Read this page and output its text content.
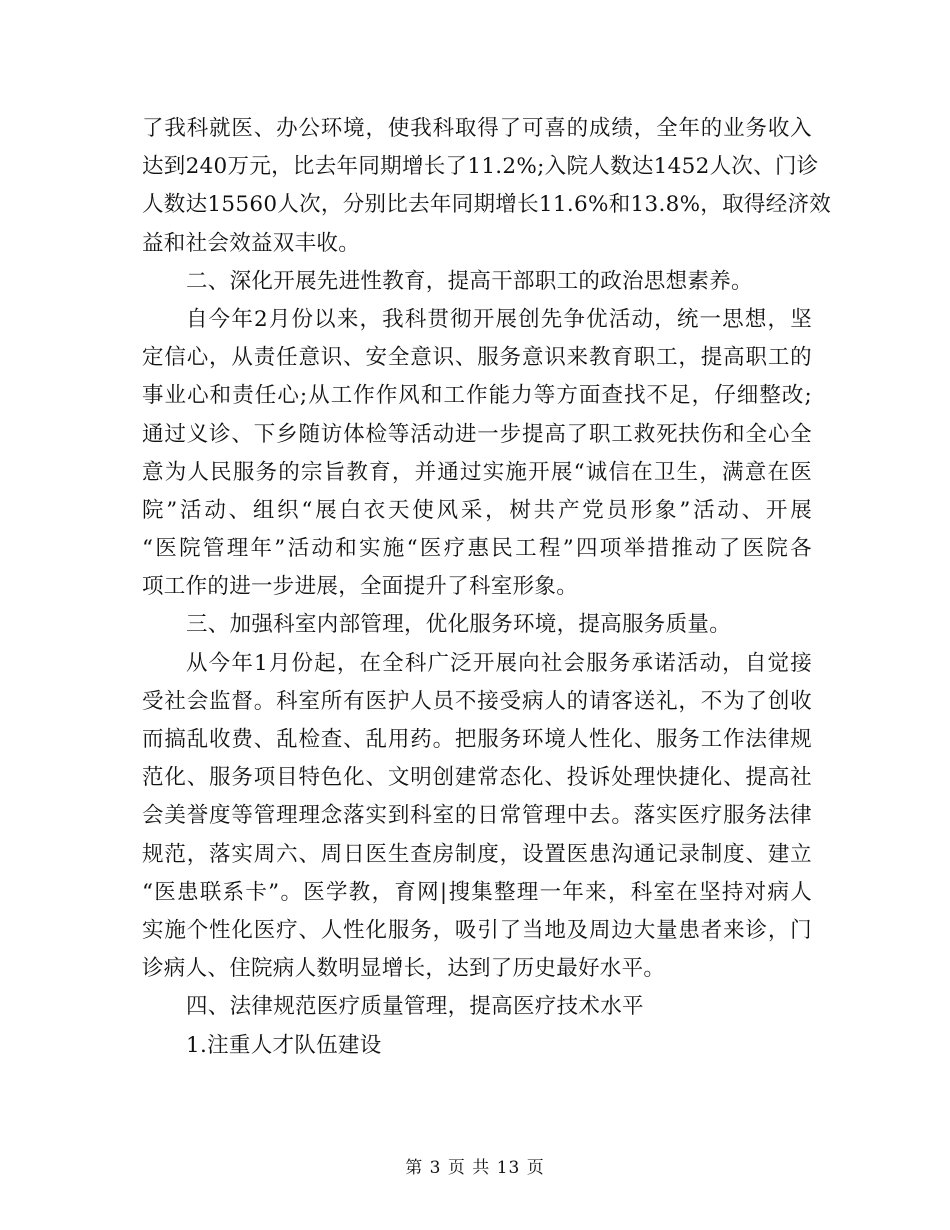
了我科就医、办公环境，使我科取得了可喜的成绩，全年的业务收入
达到240万元，比去年同期增长了11.2%;入院人数达1452人次、门诊
人数达15560人次，分别比去年同期增长11.6%和13.8%，取得经济效
益和社会效益双丰收。
二、深化开展先进性教育，提高干部职工的政治思想素养。
自今年2月份以来，我科贯彻开展创先争优活动，统一思想，坚
定信心，从责任意识、安全意识、服务意识来教育职工，提高职工的
事业心和责任心;从工作作风和工作能力等方面查找不足，仔细整改;
通过义诊、下乡随访体检等活动进一步提高了职工救死扶伤和全心全
意为人民服务的宗旨教育，并通过实施开展“诚信在卫生，满意在医
院”活动、组织“展白衣天使风采，树共产党员形象”活动、开展
“医院管理年”活动和实施“医疗惠民工程”四项举措推动了医院各
项工作的进一步进展，全面提升了科室形象。
三、加强科室内部管理，优化服务环境，提高服务质量。
从今年1月份起，在全科广泛开展向社会服务承诺活动，自觉接
受社会监督。科室所有医护人员不接受病人的请客送礼，不为了创收
而搞乱收费、乱检查、乱用药。把服务环境人性化、服务工作法律规
范化、服务项目特色化、文明创建常态化、投诉处理快捷化、提高社
会美誉度等管理理念落实到科室的日常管理中去。落实医疗服务法律
规范，落实周六、周日医生查房制度，设置医患沟通记录制度、建立
“医患联系卡”。医学教，育网|搜集整理一年来，科室在坚持对病人
实施个性化医疗、人性化服务，吸引了当地及周边大量患者来诊，门
诊病人、住院病人数明显增长，达到了历史最好水平。
四、法律规范医疗质量管理，提高医疗技术水平
1.注重人才队伍建设
第 3 页 共 13 页
